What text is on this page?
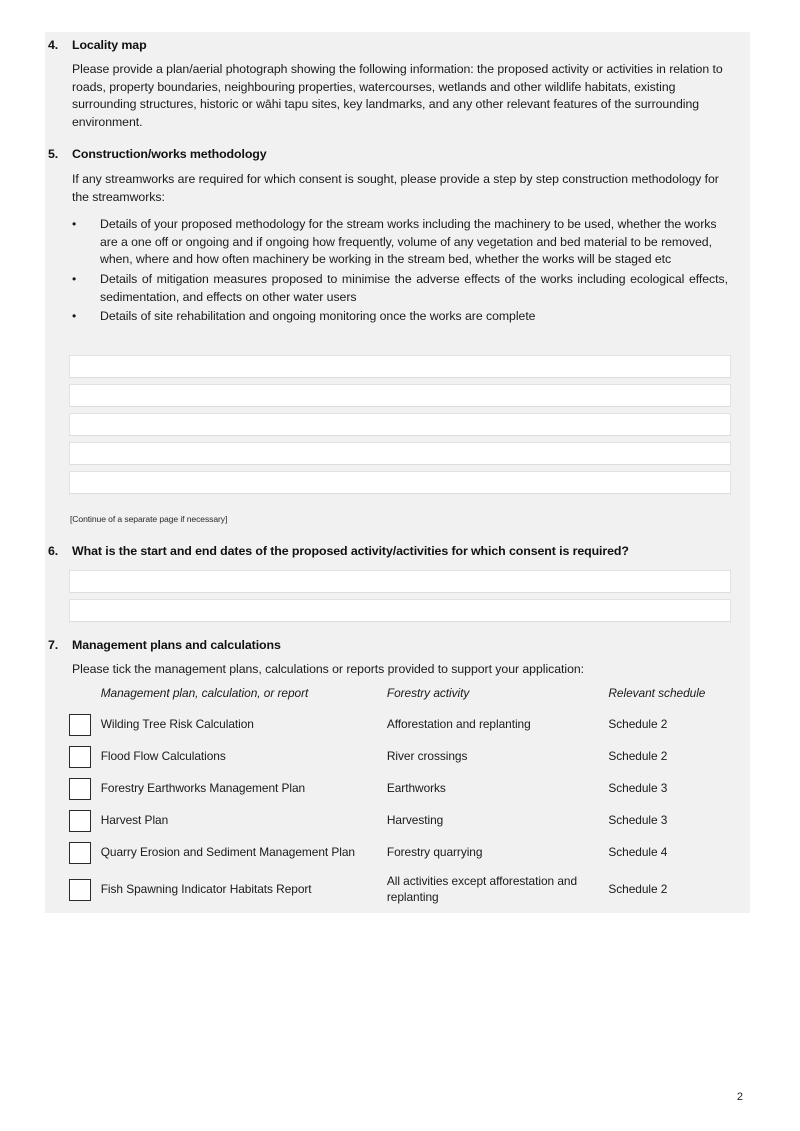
4.	Locality map
Please provide a plan/aerial photograph showing the following information: the proposed activity or activities in relation to roads, property boundaries, neighbouring properties, watercourses, wetlands and other wildlife habitats, existing surrounding structures, historic or wāhi tapu sites, key landmarks, and any other relevant features of the surrounding environment.
5.	Construction/works methodology
If any streamworks are required for which consent is sought, please provide a step by step construction methodology for the streamworks:
•	Details of your proposed methodology for the stream works including the machinery to be used, whether the works are a one off or ongoing and if ongoing how frequently, volume of any vegetation and bed material to be removed, when, where and how often machinery be working in the stream bed, whether the works will be staged etc
•	Details of mitigation measures proposed to minimise the adverse effects of the works including ecological effects, sedimentation, and effects on other water users
•	Details of site rehabilitation and ongoing monitoring once the works are complete
[Continue of a separate page if necessary]
6.	What is the start and end dates of the proposed activity/activities for which consent is required?
7.	Management plans and calculations
Please tick the management plans, calculations or reports provided to support your application:
	Management plan, calculation, or report	Forestry activity	Relevant schedule

	Wilding Tree Risk Calculation	Afforestation and replanting	Schedule 2

	Flood Flow Calculations	River crossings	Schedule 2

	Forestry Earthworks Management Plan	Earthworks	Schedule 3

	Harvest Plan	Harvesting	Schedule 3

	Quarry Erosion and Sediment Management Plan	Forestry quarrying	Schedule 4

	Fish Spawning Indicator Habitats Report	All activities except afforestation and replanting	Schedule 2
2
